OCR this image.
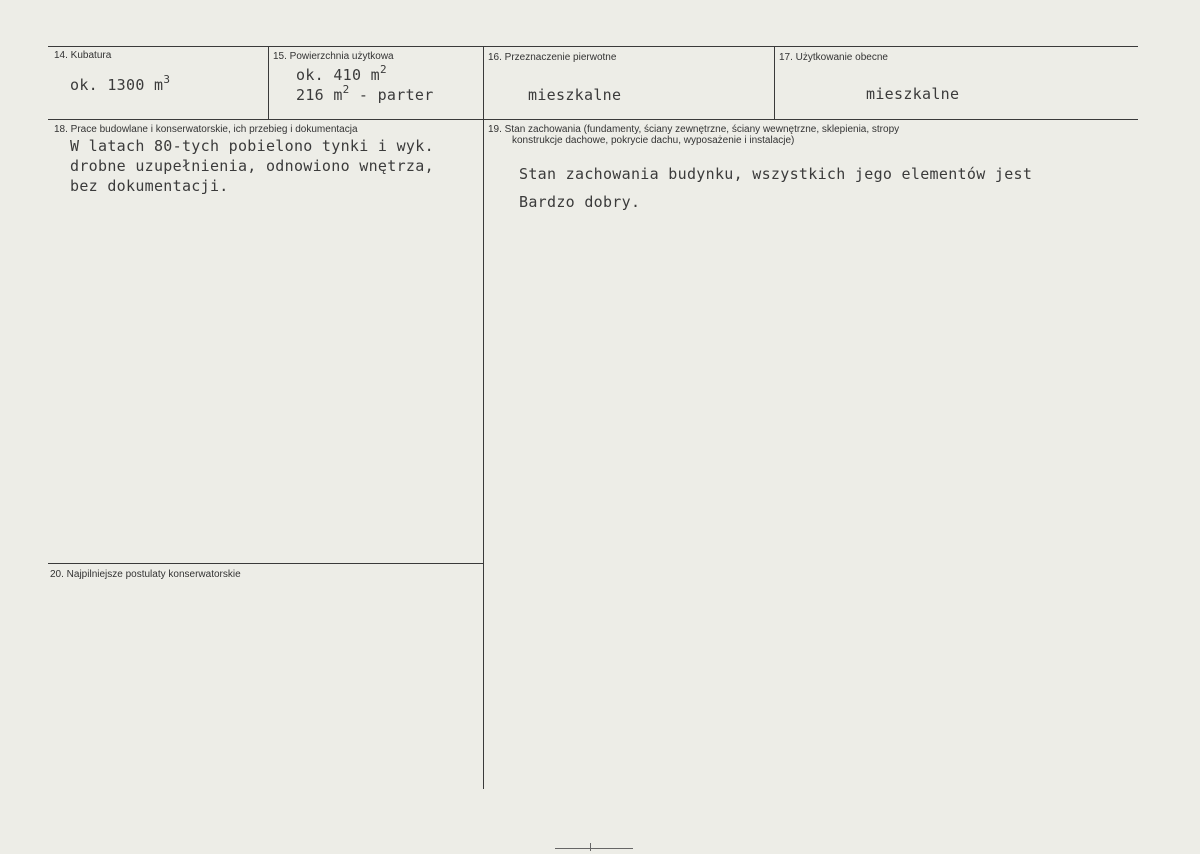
14. Kubatura
ok. 1300 $m^3$
15. Powierzchnia użytkowa
ok. 410 $m^2$
216 $m^2$ - parter
16. Przeznaczenie pierwotne
mieszkalne
17. Użytkowanie obecne
mieszkalne
18. Prace budowlane i konserwatorskie, ich przebieg i dokumentacja
W latach 80-tych pobielono tynki i wyk.
drobne uzupełnienia, odnowiono wnętrza,
bez dokumentacji.
19. Stan zachowania (fundamenty, ściany zewnętrzne, ściany wewnętrzne, sklepienia, stropy
konstrukcje dachowe, pokrycie dachu, wyposażenie i instalacje)
Stan zachowania budynku, wszystkich jego elementów jest
Bardzo dobry.
20. Najpilniejsze postulaty konserwatorskie
